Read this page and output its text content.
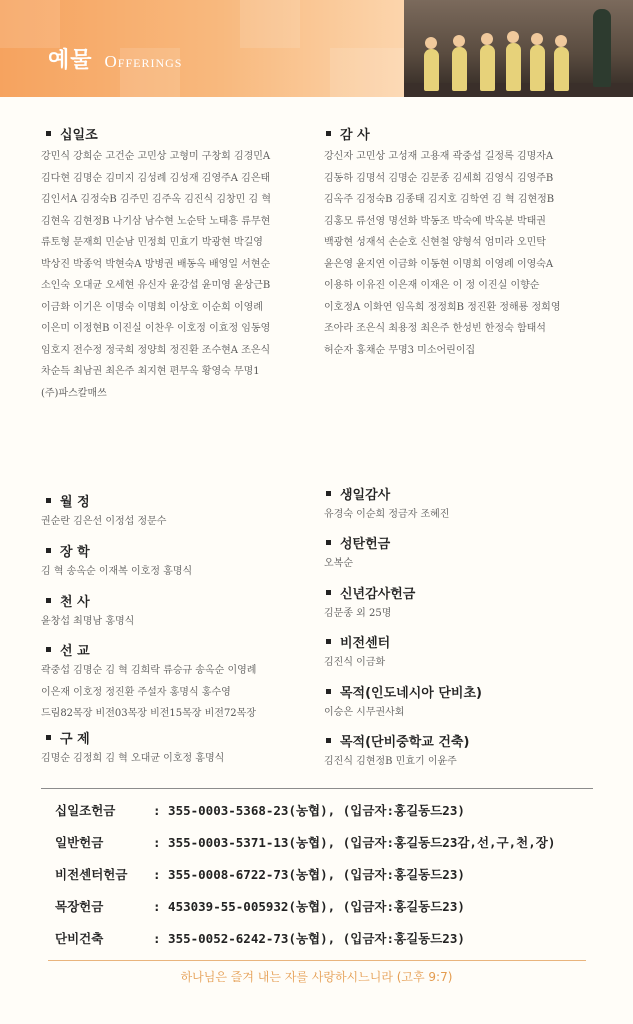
예물 Offerings
십일조
강민식 강희순 고건순 고민상 고형미 구창회 김경민A
김다현 김명순 김미지 김성례 김성재 김영주A 김은태
김인서A 김정숙B 김주민 김주옥 김진식 김창민 김 혁
김현옥 김현정B 나기삼 남수현 노순탁 노태흥 류무현
류토형 문재희 민순남 민정희 민효기 박광현 박길영
박상진 박종억 박현숙A 방병권 배동옥 배영일 서현순
소인숙 오대균 오세현 유신자 윤강섭 윤미영 윤상근B
이금화 이기은 이명숙 이명희 이상호 이순희 이영례
이은미 이정현B 이진실 이찬우 이호정 이효정 임동영
임호지 전수정 정국희 정양희 정진환 조수현A 조은식
차순득 최남권 최은주 최지현 편무옥 황영숙 무명1
(주)파스칼매쓰
감 사
강신자 고민상 고성재 고용재 곽중섭 길정록 김명자A
김동하 김명석 김명순 김문종 김세희 김영식 김영주B
김옥주 김정숙B 김종태 김지호 김학연 김 혁 김현정B
김홍모 류선영 명선화 박동조 박숙예 박옥분 박태권
백광현 성재석 손순호 신현철 양형석 엄미라 오민탁
윤은영 윤지연 이금화 이동현 이명희 이영례 이영숙A
이용하 이유진 이은재 이재은 이 정 이진실 이향순
이호정A 이화연 임옥희 정정희B 정진환 정해룡 정희영
조아라 조은식 최용정 최은주 한성빈 한정숙 함태석
허순자 홍채순 무명3 미소어린이집
월 정
권순란 김은선 이정섭 정문수
장 학
김 혁 송옥순 이재복 이호정 홍명식
천 사
윤창섭 최명남 홍명식
선 교
곽중섭 김명순 김 혁 김희락 류승규 송옥순 이영례
이은재 이호정 정진환 주설자 홍명식 홍수영
드림82목장 비전03목장 비전15목장 비전72목장
구 제
김명순 김정희 김 혁 오대균 이호정 홍명식
생일감사
유경숙 이순희 정금자 조혜진
성탄헌금
오복순
신년감사헌금
김문종 외 25명
비전센터
김진식 이금화
목적(인도네시아 단비초)
이승은 시무권사회
목적(단비중학교 건축)
김진식 김현정B 민효기 이윤주
십일조헌금	: 355-0003-5368-23(농협), (입금자:홍길동드23)
일반헌금	: 355-0003-5371-13(농협), (입금자:홍길동드23감,선,구,천,장)
비전센터헌금 : 355-0008-6722-73(농협), (입금자:홍길동드23)
목장헌금	: 453039-55-005932(농협), (입금자:홍길동드23)
단비건축	: 355-0052-6242-73(농협), (입금자:홍길동드23)
하나님은 즐겨 내는 자를 사랑하시느니라 (고후 9:7)
